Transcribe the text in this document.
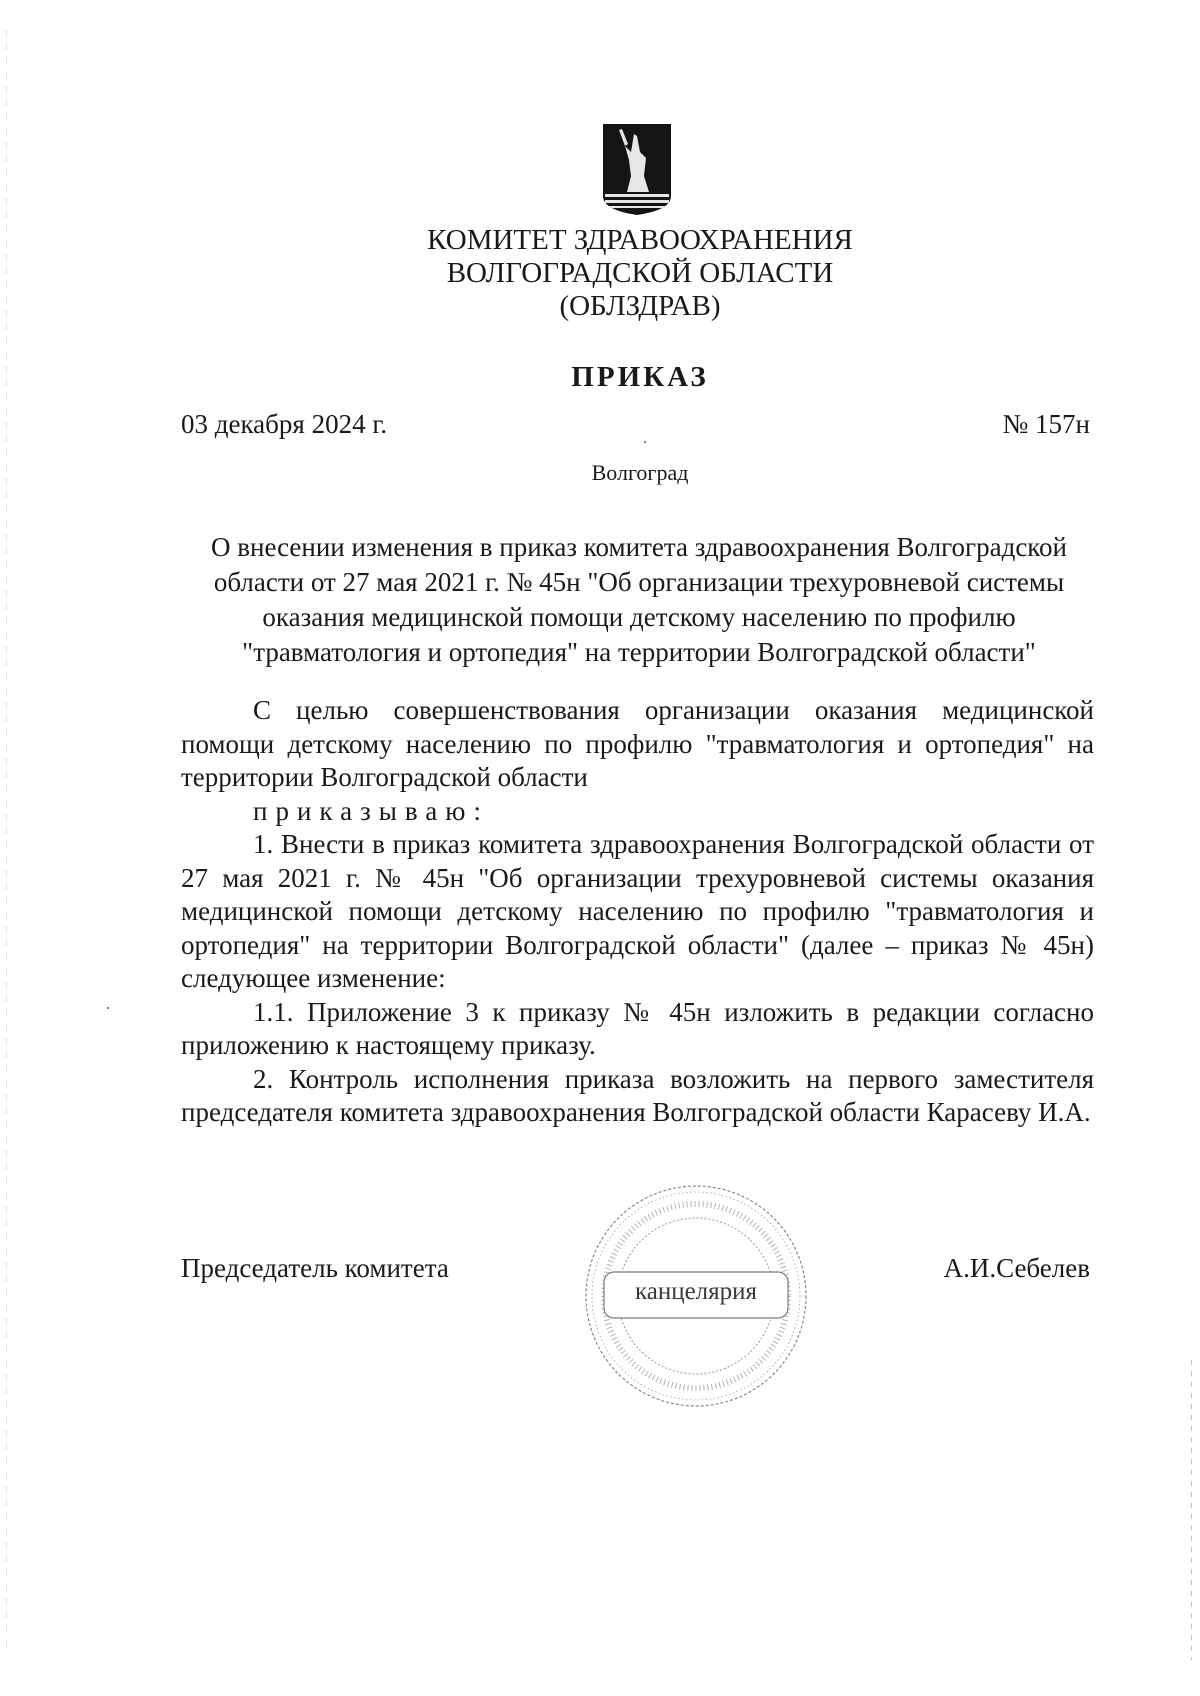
КОМИТЕТ ЗДРАВООХРАНЕНИЯ
ВОЛГОГРАДСКОЙ ОБЛАСТИ
(ОБЛЗДРАВ)
ПРИКАЗ
03 декабря 2024 г.	№ 157н
Волгоград
О внесении изменения в приказ комитета здравоохранения Волгоградской
области от 27 мая 2021 г. № 45н "Об организации трехуровневой системы
оказания медицинской помощи детскому населению по профилю
"травматология и ортопедия" на территории Волгоградской области"

С целью совершенствования организации оказания медицинской помощи детскому населению по профилю "травматология и ортопедия" на территории Волгоградской области

приказываю:

1. Внести в приказ комитета здравоохранения Волгоградской области от 27 мая 2021 г. № 45н "Об организации трехуровневой системы оказания медицинской помощи детскому населению по профилю "травматология и ортопедия" на территории Волгоградской области" (далее – приказ № 45н) следующее изменение:

1.1. Приложение 3 к приказу № 45н изложить в редакции согласно приложению к настоящему приказу.

2. Контроль исполнения приказа возложить на первого заместителя председателя комитета здравоохранения Волгоградской области Карасеву И.А.

Председатель комитета
канцелярия
А.И.Себелев
